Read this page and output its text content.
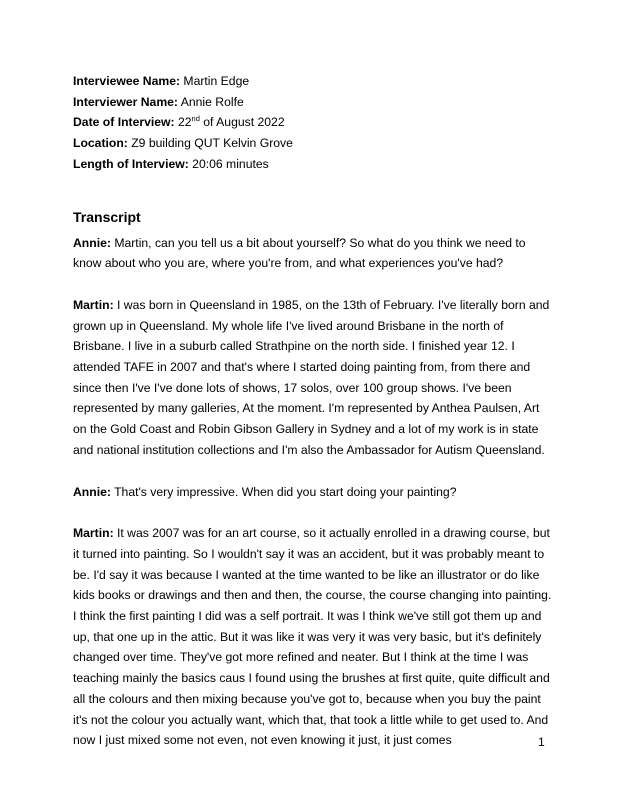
Interviewee Name: Martin Edge
Interviewer Name: Annie Rolfe
Date of Interview: 22nd of August 2022
Location: Z9 building QUT Kelvin Grove
Length of Interview: 20:06 minutes
Transcript

Annie: Martin, can you tell us a bit about yourself? So what do you think we need to know about who you are, where you're from, and what experiences you've had?

Martin: I was born in Queensland in 1985, on the 13th of February. I've literally born and grown up in Queensland. My whole life I've lived around Brisbane in the north of Brisbane. I live in a suburb called Strathpine on the north side. I finished year 12. I attended TAFE in 2007 and that's where I started doing painting from, from there and since then I've I've done lots of shows, 17 solos, over 100 group shows. I've been represented by many galleries, At the moment. I'm represented by Anthea Paulsen, Art on the Gold Coast and Robin Gibson Gallery in Sydney and a lot of my work is in state and national institution collections and I'm also the Ambassador for Autism Queensland.

Annie: That's very impressive. When did you start doing your painting?

Martin: It was 2007 was for an art course, so it actually enrolled in a drawing course, but it turned into painting. So I wouldn't say it was an accident, but it was probably meant to be. I'd say it was because I wanted at the time wanted to be like an illustrator or do like kids books or drawings and then and then, the course, the course changing into painting. I think the first painting I did was a self portrait. It was I think we've still got them up and up, that one up in the attic. But it was like it was very it was very basic, but it's definitely changed over time. They've got more refined and neater. But I think at the time I was teaching mainly the basics caus I found using the brushes at first quite, quite difficult and all the colours and then mixing because you've got to, because when you buy the paint it's not the colour you actually want, which that, that took a little while to get used to. And now I just mixed some not even, not even knowing it just, it just comes	1
